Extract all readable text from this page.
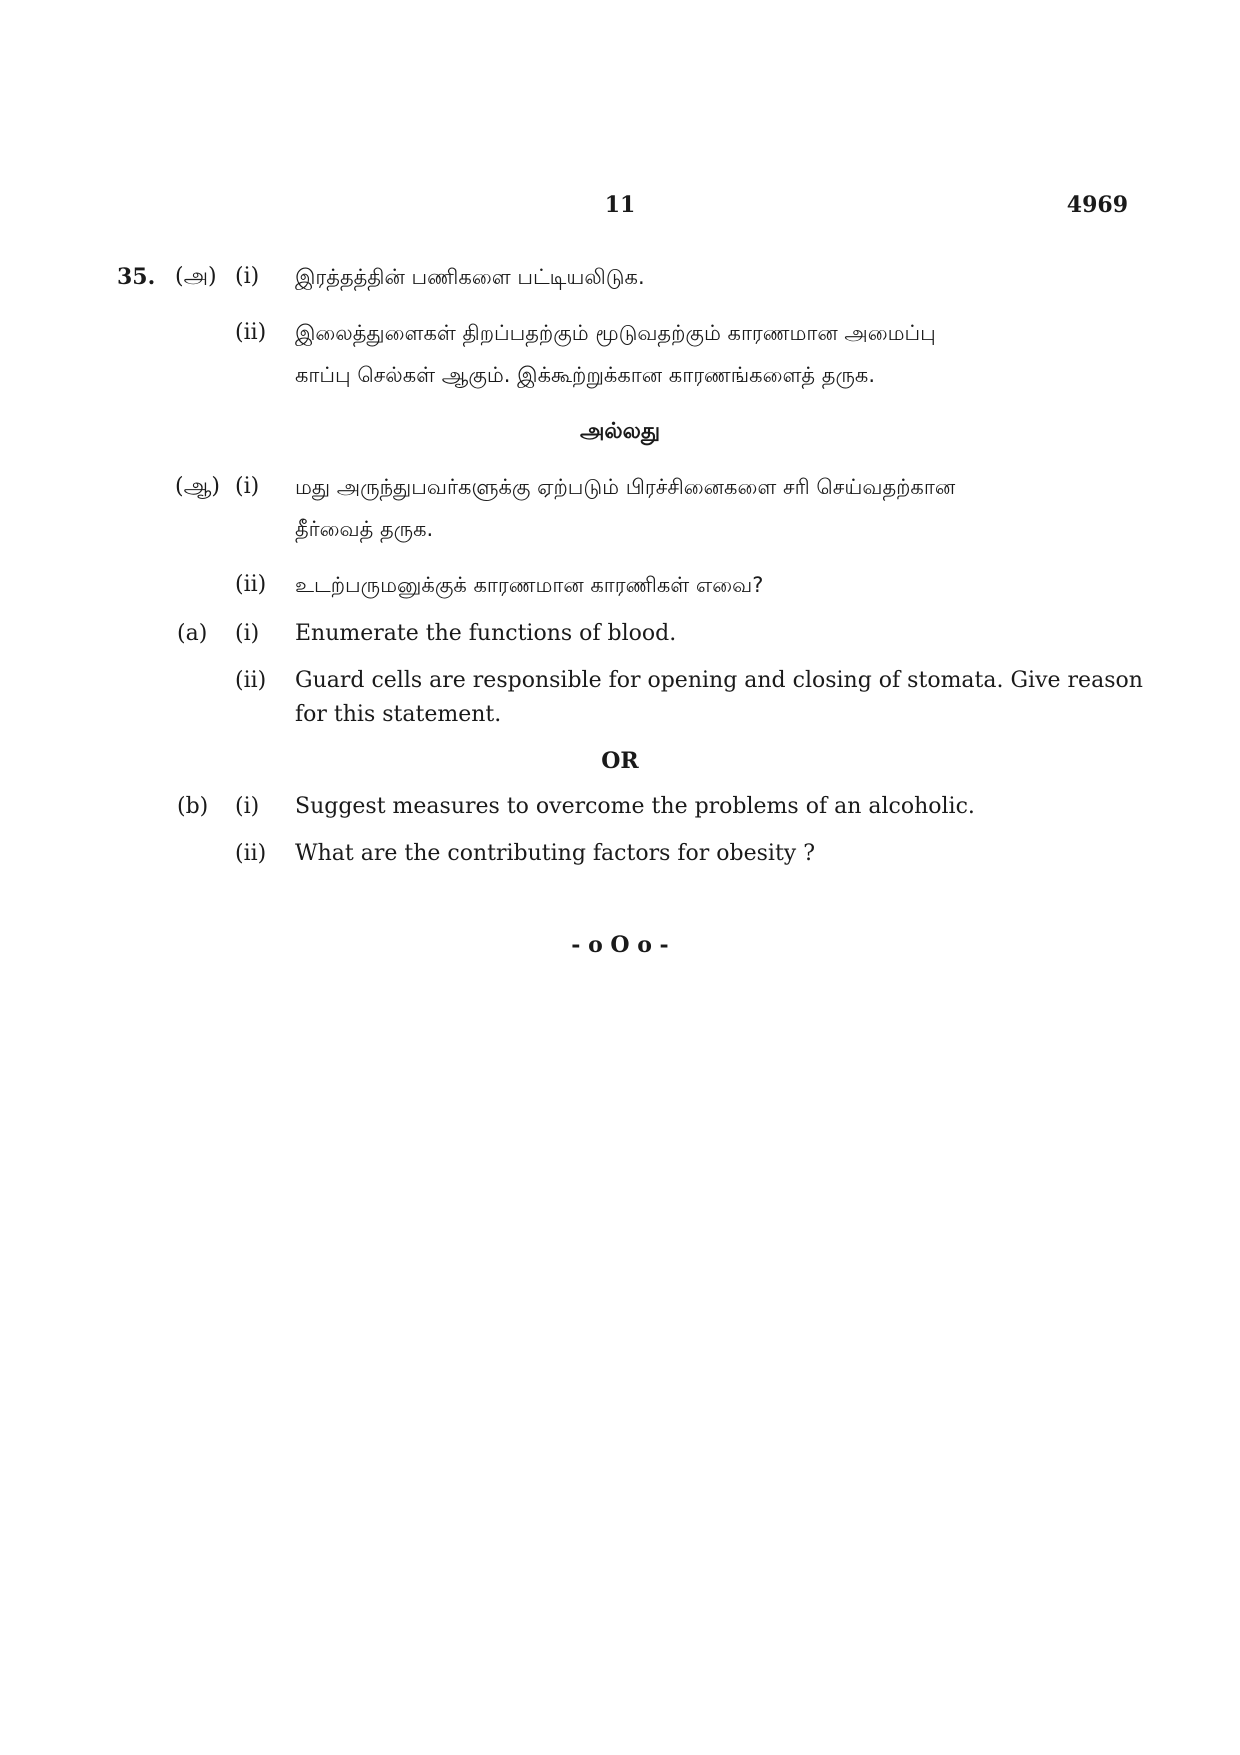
11	4969
35. (அ) (i) இரத்தத்தின் பணிகளை பட்டியலிடுக.
(ii) இலைத்துளைகள் திறப்பதற்கும் மூடுவதற்கும் காரணமான அமைப்பு
காப்பு செல்கள் ஆகும். இக்கூற்றுக்கான காரணங்களைத் தருக.
அல்லது
(ஆ) (i) மது அருந்துபவர்களுக்கு ஏற்படும் பிரச்சினைகளை சரி செய்வதற்கான
தீர்வைத் தருக.
(ii) உடற்பருமனுக்குக் காரணமான காரணிகள் எவை?
(a) (i) Enumerate the functions of blood.
(ii) Guard cells are responsible for opening and closing of stomata. Give reason
for this statement.
OR
(b) (i) Suggest measures to overcome the problems of an alcoholic.
(ii) What are the contributing factors for obesity ?
- o O o -
